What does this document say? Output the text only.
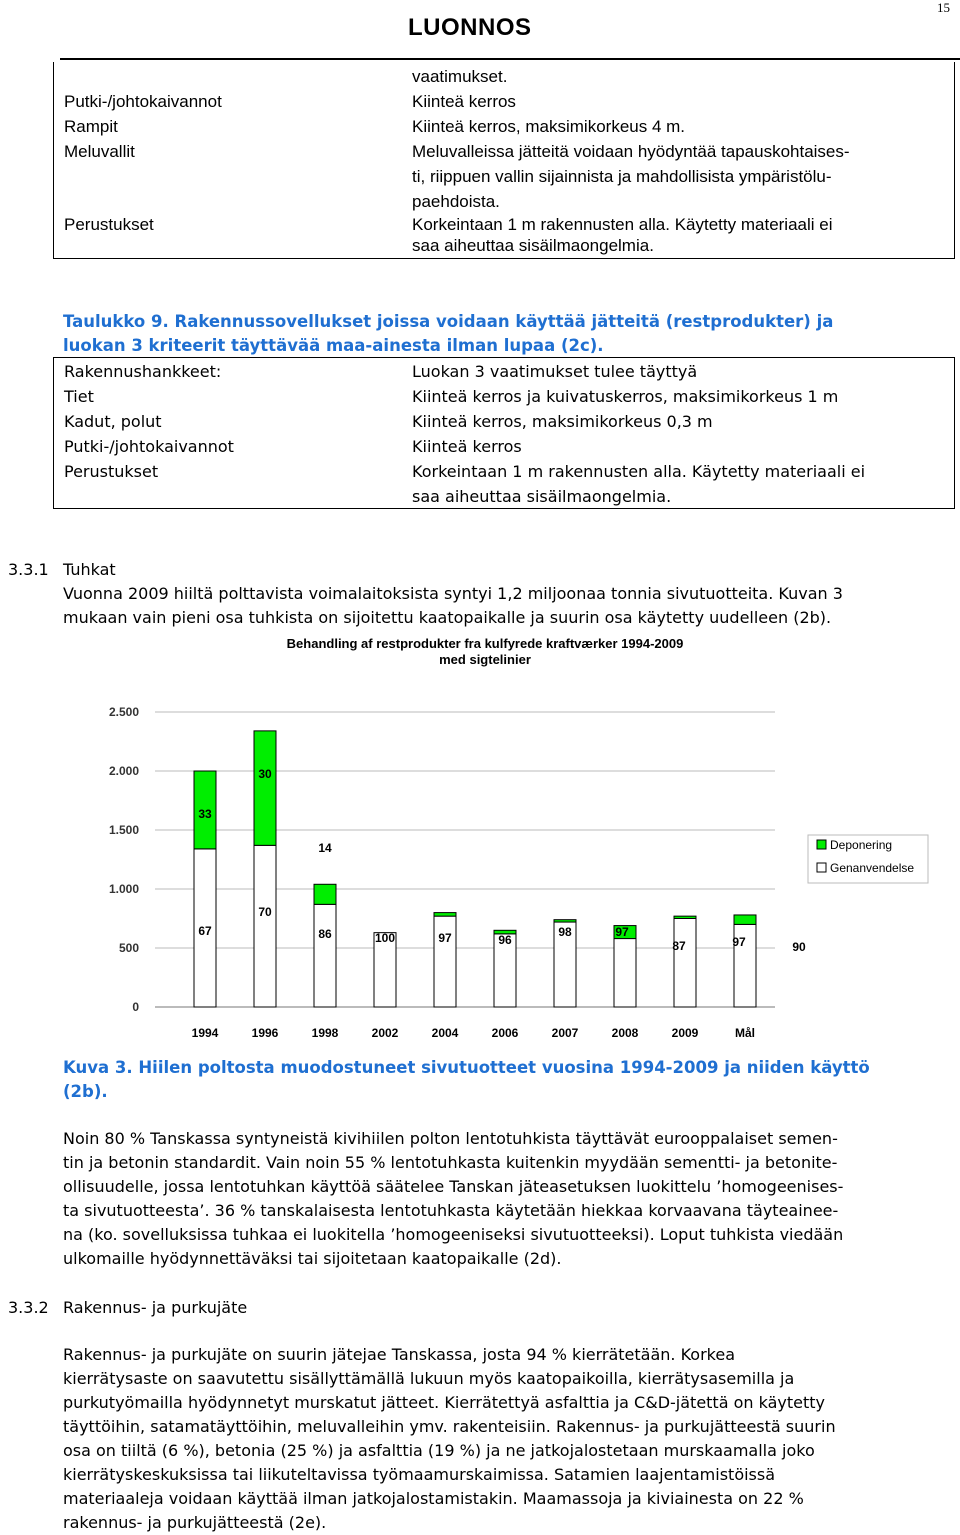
15
LUONNOS
vaatimukset.
Putki-/johtokaivannot	Kiinteä kerros
Rampit	Kiinteä kerros, maksimikorkeus 4 m.
Meluvallit	Meluvalleissa jätteitä voidaan hyödyntää tapauskohtaises-
ti, riippuen vallin sijainnista ja mahdollisista ympäristölu-
paehdoista.
Perustukset	Korkeintaan 1 m rakennusten alla. Käytetty materiaali ei
saa aiheuttaa sisäilmaongelmia.
Taulukko 9. Rakennussovellukset joissa voidaan käyttää jätteitä (restprodukter) ja
luokan 3 kriteerit täyttävää maa-ainesta ilman lupaa (2c).
Rakennushankkeet:	Luokan 3 vaatimukset tulee täyttyä
Tiet	Kiinteä kerros ja kuivatuskerros, maksimikorkeus 1 m
Kadut, polut	Kiinteä kerros, maksimikorkeus 0,3 m
Putki-/johtokaivannot	Kiinteä kerros
Perustukset	Korkeintaan 1 m rakennusten alla. Käytetty materiaali ei
saa aiheuttaa sisäilmaongelmia.
3.3.1 Tuhkat
Vuonna 2009 hiiltä polttavista voimalaitoksista syntyi 1,2 miljoonaa tonnia sivutuotteita. Kuvan 3
mukaan vain pieni osa tuhkista on sijoitettu kaatopaikalle ja suurin osa käytetty uudelleen (2b).
Behandling af restprodukter fra kulfyrede kraftværker 1994-2009
med sigtelinier
0
500
1.000
1.500
2.000
2.500
1994	1996	1998	2002	2004	2006	2007	2008	2009	Mål
67
70
86	100	97	96
98	97
87	97	90
33
30
14	Deponering
Genanvendelse
Kuva 3. Hiilen poltosta muodostuneet sivutuotteet vuosina 1994-2009 ja niiden käyttö
(2b).
Noin 80 % Tanskassa syntyneistä kivihiilen polton lentotuhkista täyttävät eurooppalaiset semen-
tin ja betonin standardit. Vain noin 55 % lentotuhkasta kuitenkin myydään sementti- ja betonite-
ollisuudelle, jossa lentotuhkan käyttöä säätelee Tanskan jäteasetuksen luokittelu ’homogeenises-
ta sivutuotteesta’. 36 % tanskalaisesta lentotuhkasta käytetään hiekkaa korvaavana täyteainee-
na (ko. sovelluksissa tuhkaa ei luokitella ’homogeeniseksi sivutuotteeksi). Loput tuhkista viedään
ulkomaille hyödynnettäväksi tai sijoitetaan kaatopaikalle (2d).
3.3.2 Rakennus- ja purkujäte
Rakennus- ja purkujäte on suurin jätejae Tanskassa, josta 94 % kierrätetään. Korkea
kierrätysaste on saavutettu sisällyttämällä lukuun myös kaatopaikoilla, kierrätysasemilla ja
purkutyömailla hyödynnetyt murskatut jätteet. Kierrätettyä asfalttia ja C&D-jätettä on käytetty
täyttöihin, satamatäyttöihin, meluvalleihin ymv. rakenteisiin. Rakennus- ja purkujätteestä suurin
osa on tiiltä (6 %), betonia (25 %) ja asfalttia (19 %) ja ne jatkojalostetaan murskaamalla joko
kierrätyskeskuksissa tai liikuteltavissa työmaamurskaimissa. Satamien laajentamistöissä
materiaaleja voidaan käyttää ilman jatkojalostamistakin. Maamassoja ja kiviainesta on 22 %
rakennus- ja purkujätteestä (2e).
